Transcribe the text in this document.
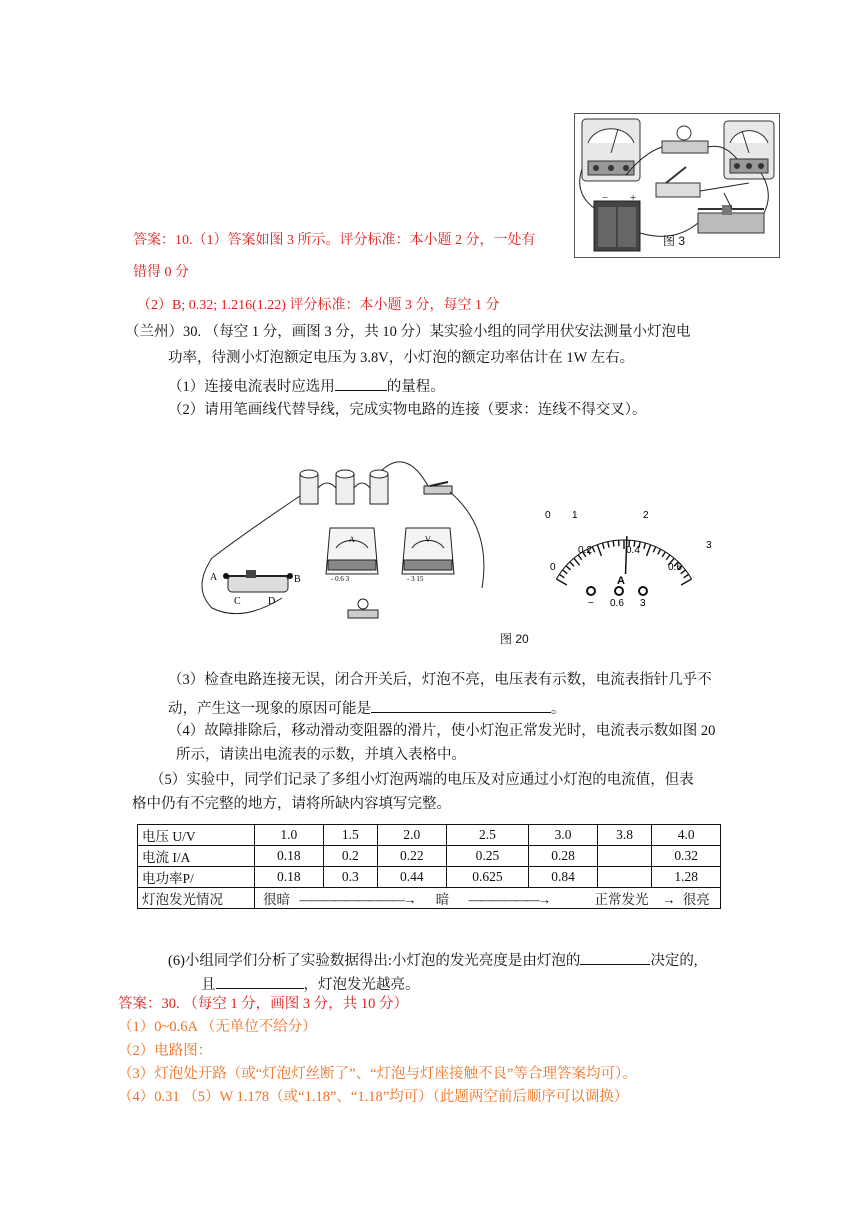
− +
图 3
答案：10.（1）答案如图 3 所示。评分标准：本小题 2 分，一处有
错得 0 分
（2）B; 0.32; 1.216(1.22) 评分标准：本小题 3 分，每空 1 分
（兰州）30. （每空 1 分，画图 3 分，共 10 分）某实验小组的同学用伏安法测量小灯泡电
功率，待测小灯泡额定电压为 3.8V，小灯泡的额定功率估计在 1W 左右。
（1）连接电流表时应选用	的量程。
（2）请用笔画线代替导线，完成实物电路的连接（要求：连线不得交叉）。
A
- 0.6 3
V
- 3 15
A	B
C	D
0 1	2
3
0
0.2	0.4
0.6
A
− 0.6 3
图 20
（3）检查电路连接无误，闭合开关后，灯泡不亮，电压表有示数，电流表指针几乎不
动，产生这一现象的原因可能是	。
（4）故障排除后，移动滑动变阻器的滑片，使小灯泡正常发光时，电流表示数如图 20
所示，请读出电流表的示数，并填入表格中。
（5）实验中，同学们记录了多组小灯泡两端的电压及对应通过小灯泡的电流值，但表
格中仍有不完整的地方，请将所缺内容填写完整。
电压 U/V	1.0	1.5	2.0	2.5	3.0	3.8	4.0
电流 I/A	0.18	0.2	0.22	0.25	0.28		0.32
电功率P/	0.18	0.3	0.44	0.625	0.84		1.28
灯泡发光情况	很暗 —————————→ 暗 ——————→ 正常发光 → 很亮						
(6)小组同学们分析了实验数据得出:小灯泡的发光亮度是由灯泡的	决定的,
且	，灯泡发光越亮。
答案：30. （每空 1 分，画图 3 分，共 10 分）
（1）0~0.6A （无单位不给分）
（2）电路图：
（3）灯泡处开路（或“灯泡灯丝断了”、“灯泡与灯座接触不良”等合理答案均可）。
（4）0.31 （5）W 1.178（或“1.18”、“1.18”均可）（此题两空前后顺序可以调换）
